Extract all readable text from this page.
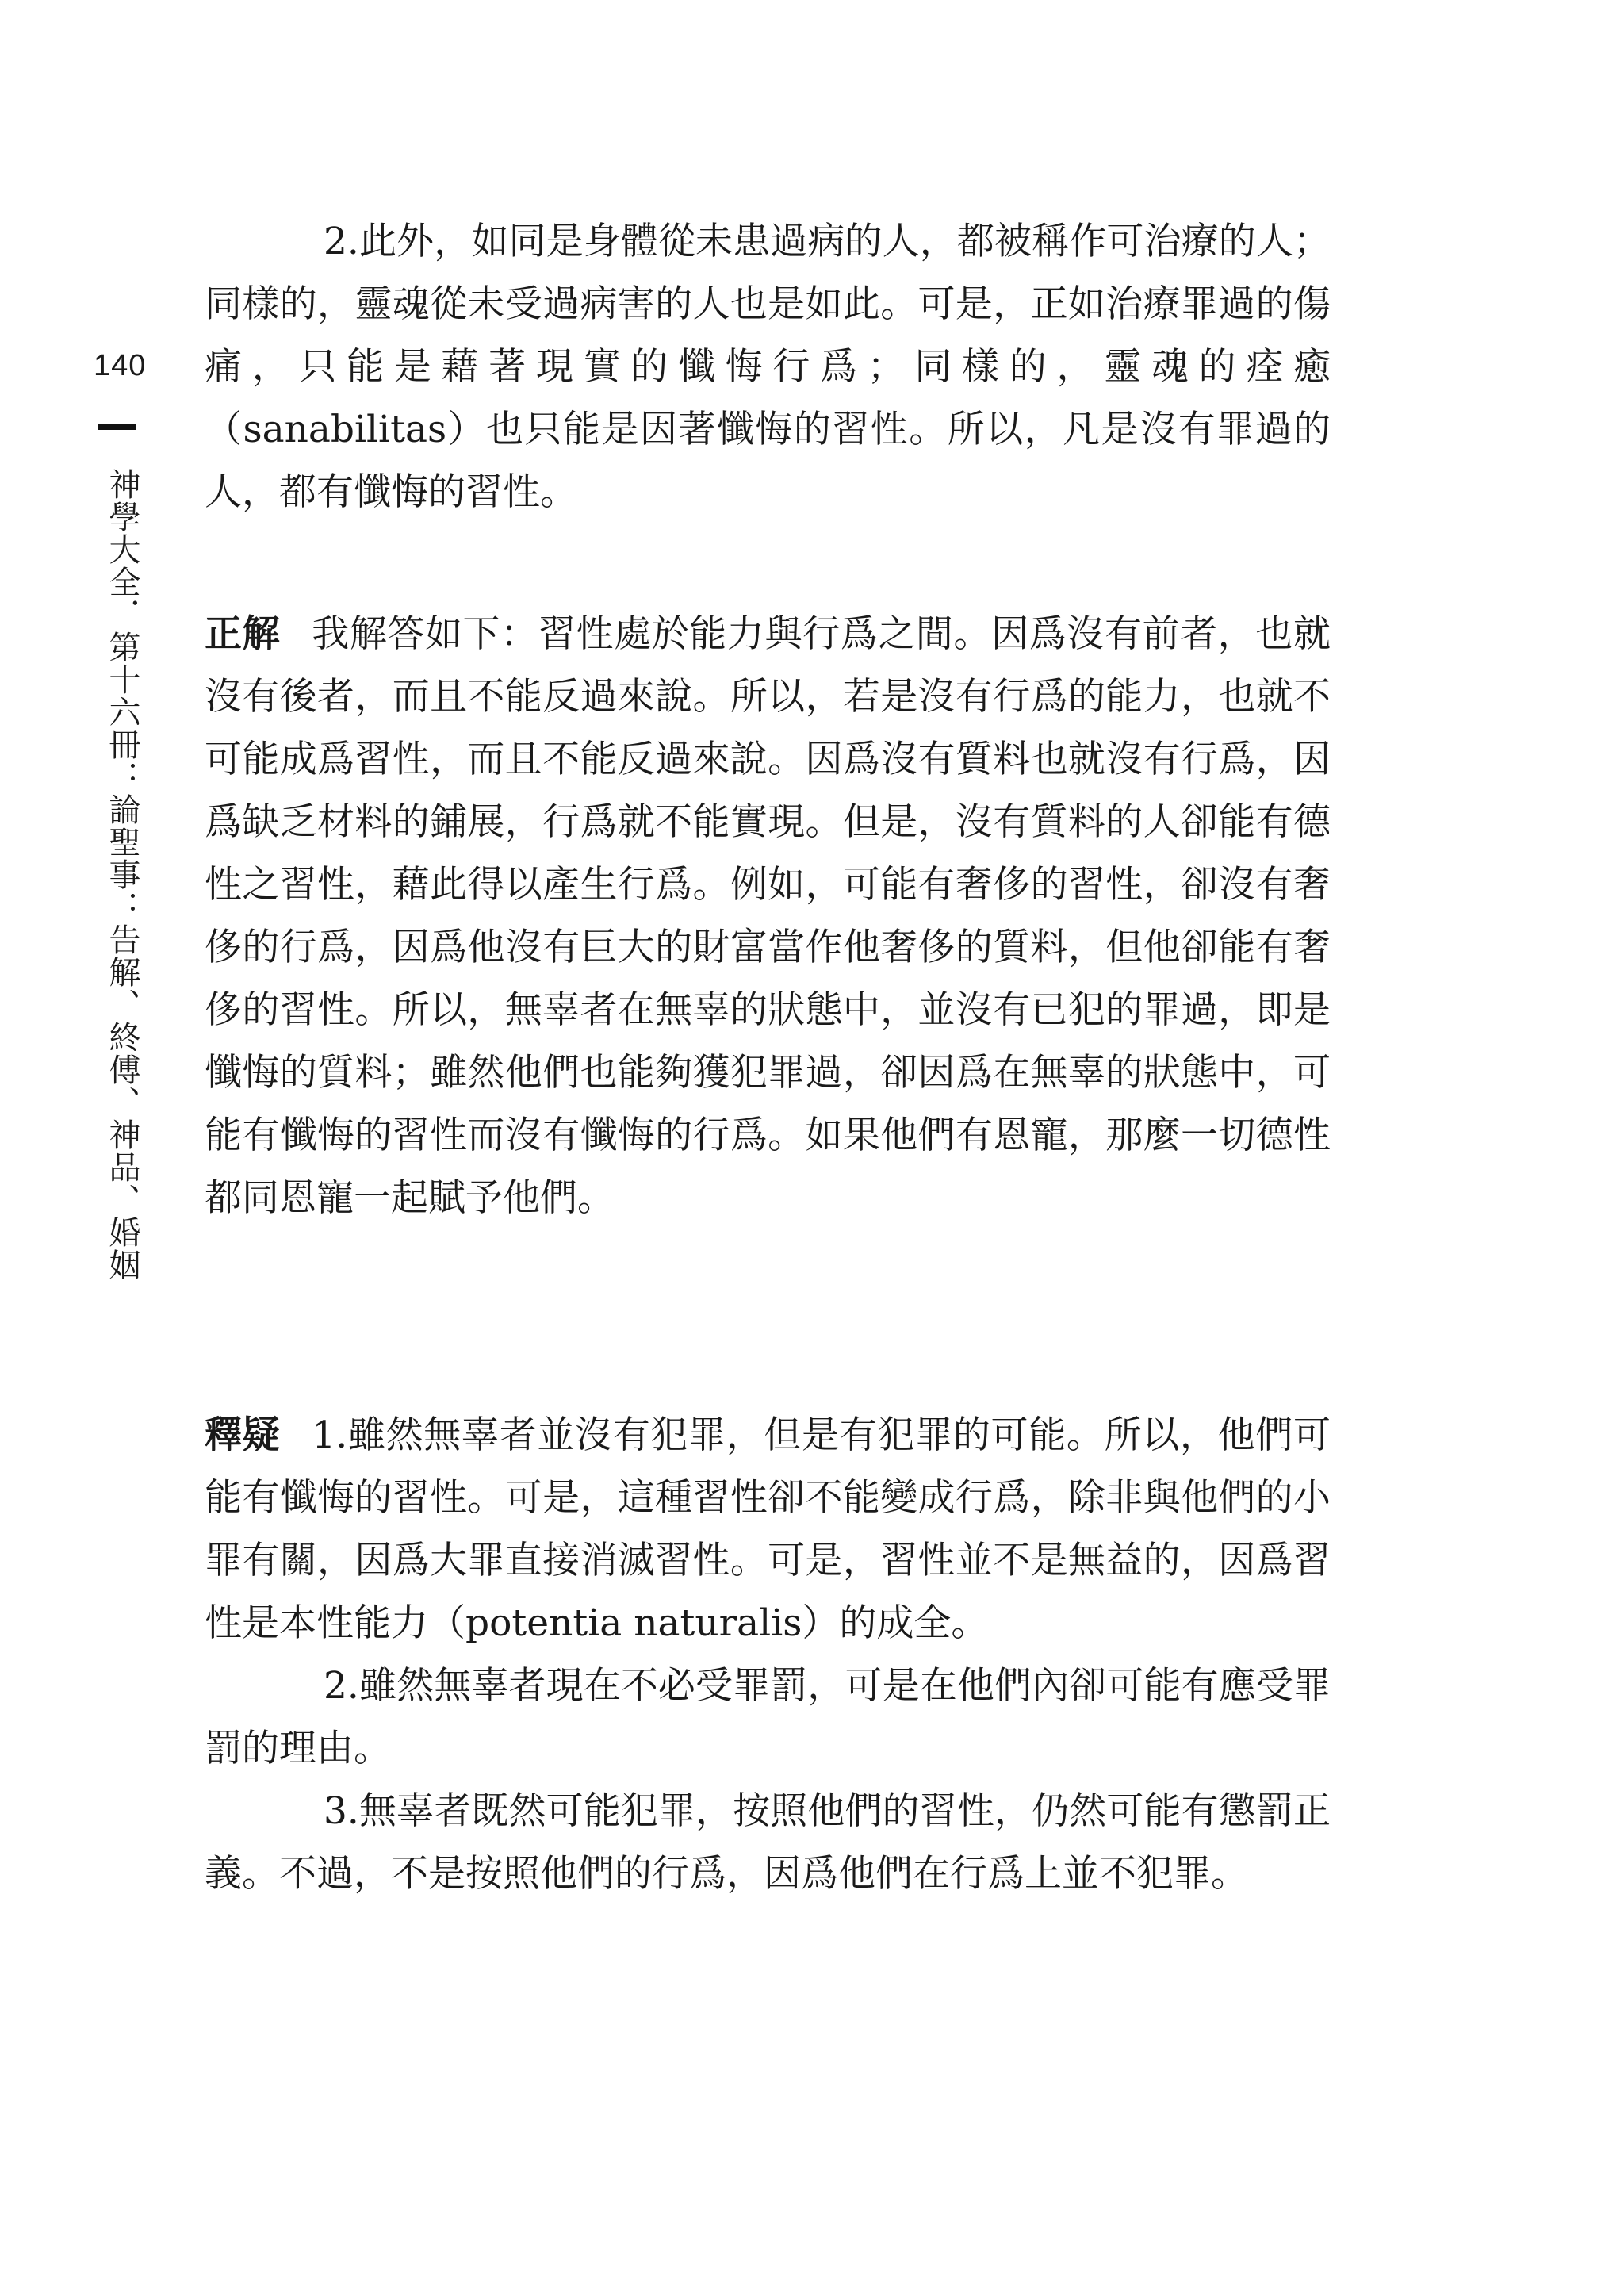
140
神學大全．第十六冊：論聖事：告解、終傅、神品、婚姻

2.此外，如同是身體從未患過病的人，都被稱作可治療的人；同樣的，靈魂從未受過病害的人也是如此。可是，正如治療罪過的傷痛，只能是藉著現實的懺悔行爲；同樣的，靈魂的痊癒（sanabilitas）也只能是因著懺悔的習性。所以，凡是沒有罪過的人，都有懺悔的習性。

正解 我解答如下：習性處於能力與行爲之間。因爲沒有前者，也就沒有後者，而且不能反過來說。所以，若是沒有行爲的能力，也就不可能成爲習性，而且不能反過來說。因爲沒有質料也就沒有行爲，因爲缺乏材料的鋪展，行爲就不能實現。但是，沒有質料的人卻能有德性之習性，藉此得以產生行爲。例如，可能有奢侈的習性，卻沒有奢侈的行爲，因爲他沒有巨大的財富當作他奢侈的質料，但他卻能有奢侈的習性。所以，無辜者在無辜的狀態中，並沒有已犯的罪過，即是懺悔的質料；雖然他們也能夠獲犯罪過，卻因爲在無辜的狀態中，可能有懺悔的習性而沒有懺悔的行爲。如果他們有恩寵，那麼一切德性都同恩寵一起賦予他們。

釋疑 1.雖然無辜者並沒有犯罪，但是有犯罪的可能。所以，他們可能有懺悔的習性。可是，這種習性卻不能變成行爲，除非與他們的小罪有關，因爲大罪直接消滅習性。可是，習性並不是無益的，因爲習性是本性能力（potentia naturalis）的成全。

2.雖然無辜者現在不必受罪罰，可是在他們內卻可能有應受罪罰的理由。

3.無辜者既然可能犯罪，按照他們的習性，仍然可能有懲罰正義。不過，不是按照他們的行爲，因爲他們在行爲上並不犯罪。
